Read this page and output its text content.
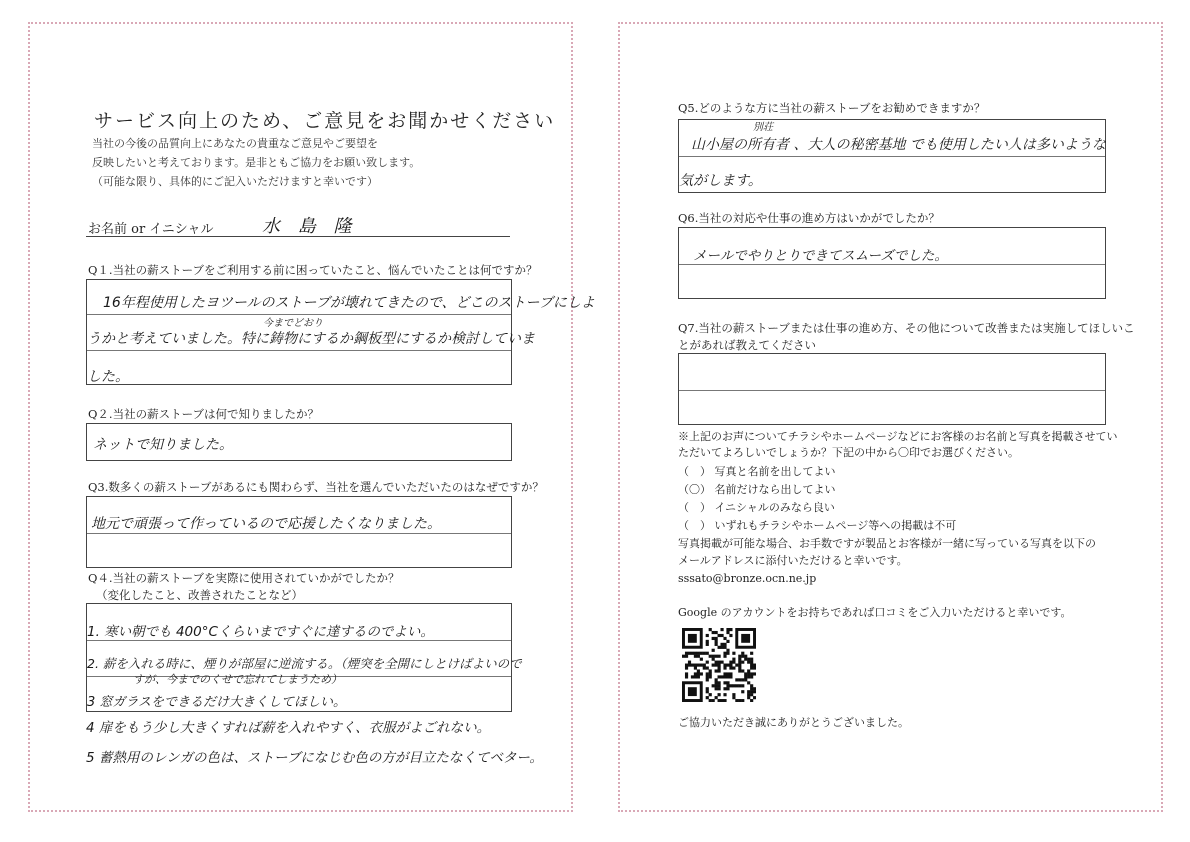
サービス向上のため、ご意見をお聞かせください
当社の今後の品質向上にあなたの貴重なご意見やご要望を
反映したいと考えております。是非ともご協力をお願い致します。
（可能な限り、具体的にご記入いただけますと幸いです）
お名前 or イニシャル	水 島 隆
Q１.当社の薪ストーブをご利用する前に困っていたこと、悩んでいたことは何ですか？
16年程使用したヨツールのストーブが壊れてきたので、どこのストーブにしよ
今までどおり
うかと考えていました。特に鋳物にするか鋼板型にするか検討していま
した。
Q２.当社の薪ストーブは何で知りましたか？
ネットで知りました。
Q3.数多くの薪ストーブがあるにも関わらず、当社を選んでいただいたのはなぜですか？
地元で頑張って作っているので応援したくなりました。
Q４.当社の薪ストーブを実際に使用されていかがでしたか？
（変化したこと、改善されたことなど）
1. 寒い朝でも 400°Cくらいまですぐに達するのでよい。
2. 薪を入れる時に、煙りが部屋に逆流する。（煙突を全開にしとけばよいので
すが、今までのくせで忘れてしまうため）
3 窓ガラスをできるだけ大きくしてほしい。
4 扉をもう少し大きくすれば薪を入れやすく、衣服がよごれない。
5 蓄熱用のレンガの色は、ストーブになじむ色の方が目立たなくてベター。
Q5.どのような方に当社の薪ストーブをお勧めできますか？
別荘
山小屋の所有者 、大人の秘密基地 でも使用したい人は多いような
気がします。
Q6.当社の対応や仕事の進め方はいかがでしたか？
メールでやりとりできてスムーズでした。
Q7.当社の薪ストーブまたは仕事の進め方、その他について改善または実施してほしいこ
とがあれば教えてください
※上記のお声についてチラシやホームページなどにお客様のお名前と写真を掲載させてい
ただいてよろしいでしょうか？下記の中から〇印でお選びください。
（　） 写真と名前を出してよい
（〇） 名前だけなら出してよい
（　） イニシャルのみなら良い
（　） いずれもチラシやホームページ等への掲載は不可
写真掲載が可能な場合、お手数ですが製品とお客様が一緒に写っている写真を以下の
メールアドレスに添付いただけると幸いです。
sssato@bronze.ocn.ne.jp
Google のアカウントをお持ちであれば口コミをご入力いただけると幸いです。
ご協力いただき誠にありがとうございました。
